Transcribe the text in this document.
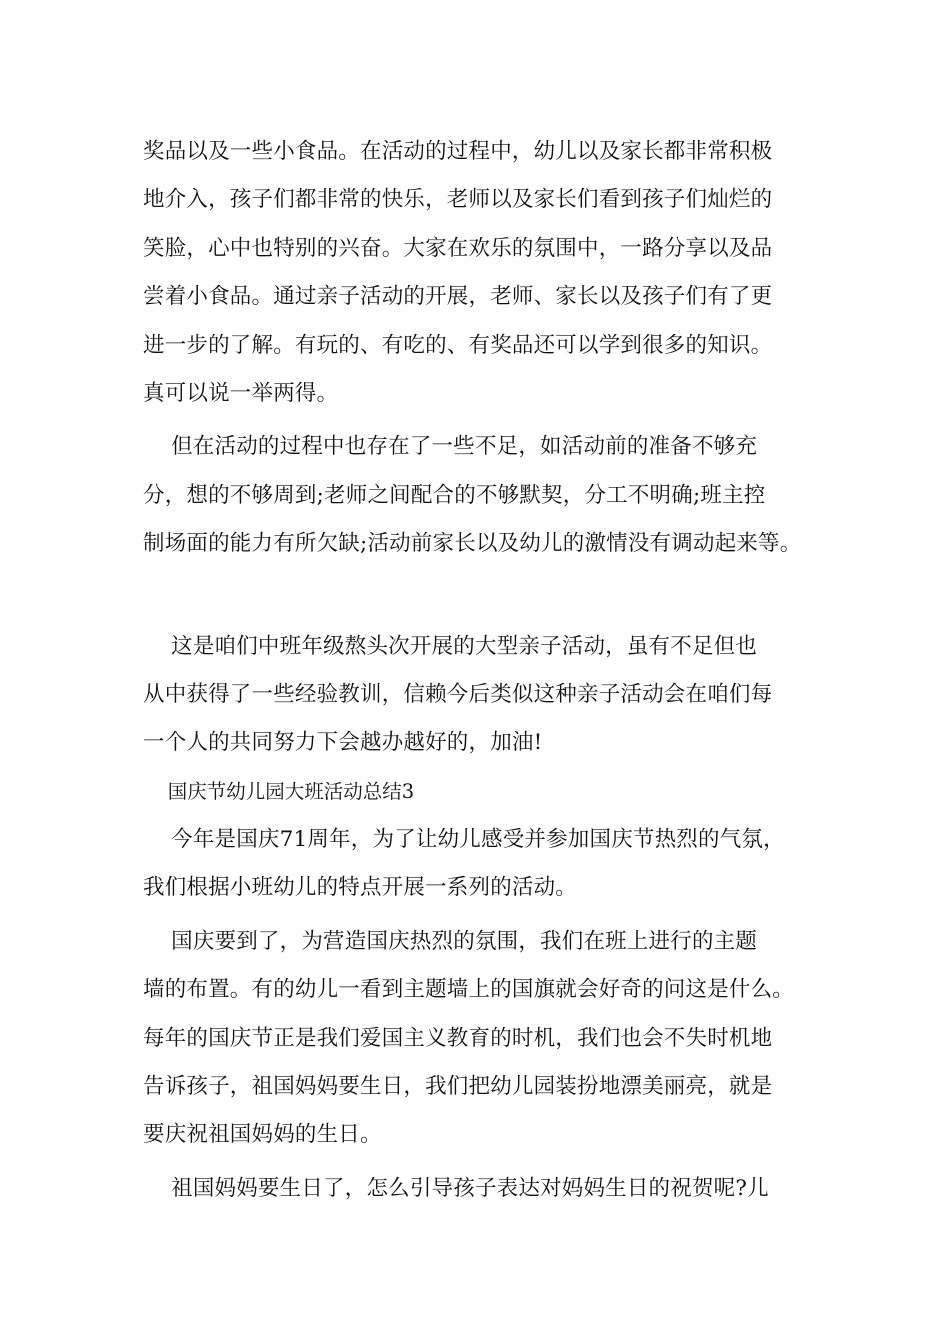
奖品以及一些小食品。在活动的过程中，幼儿以及家长都非常积极
地介入，孩子们都非常的快乐，老师以及家长们看到孩子们灿烂的
笑脸，心中也特别的兴奋。大家在欢乐的氛围中，一路分享以及品
尝着小食品。通过亲子活动的开展，老师、家长以及孩子们有了更
进一步的了解。有玩的、有吃的、有奖品还可以学到很多的知识。
真可以说一举两得。
但在活动的过程中也存在了一些不足，如活动前的准备不够充
分，想的不够周到;老师之间配合的不够默契，分工不明确;班主控
制场面的能力有所欠缺;活动前家长以及幼儿的激情没有调动起来等。
这是咱们中班年级熬头次开展的大型亲子活动，虽有不足但也
从中获得了一些经验教训，信赖今后类似这种亲子活动会在咱们每
一个人的共同努力下会越办越好的，加油!
国庆节幼儿园大班活动总结3
今年是国庆71周年，为了让幼儿感受并参加国庆节热烈的气氛，
我们根据小班幼儿的特点开展一系列的活动。
国庆要到了，为营造国庆热烈的氛围，我们在班上进行的主题
墙的布置。有的幼儿一看到主题墙上的国旗就会好奇的问这是什么。
每年的国庆节正是我们爱国主义教育的时机，我们也会不失时机地
告诉孩子，祖国妈妈要生日，我们把幼儿园装扮地漂美丽亮，就是
要庆祝祖国妈妈的生日。
祖国妈妈要生日了，怎么引导孩子表达对妈妈生日的祝贺呢?儿
